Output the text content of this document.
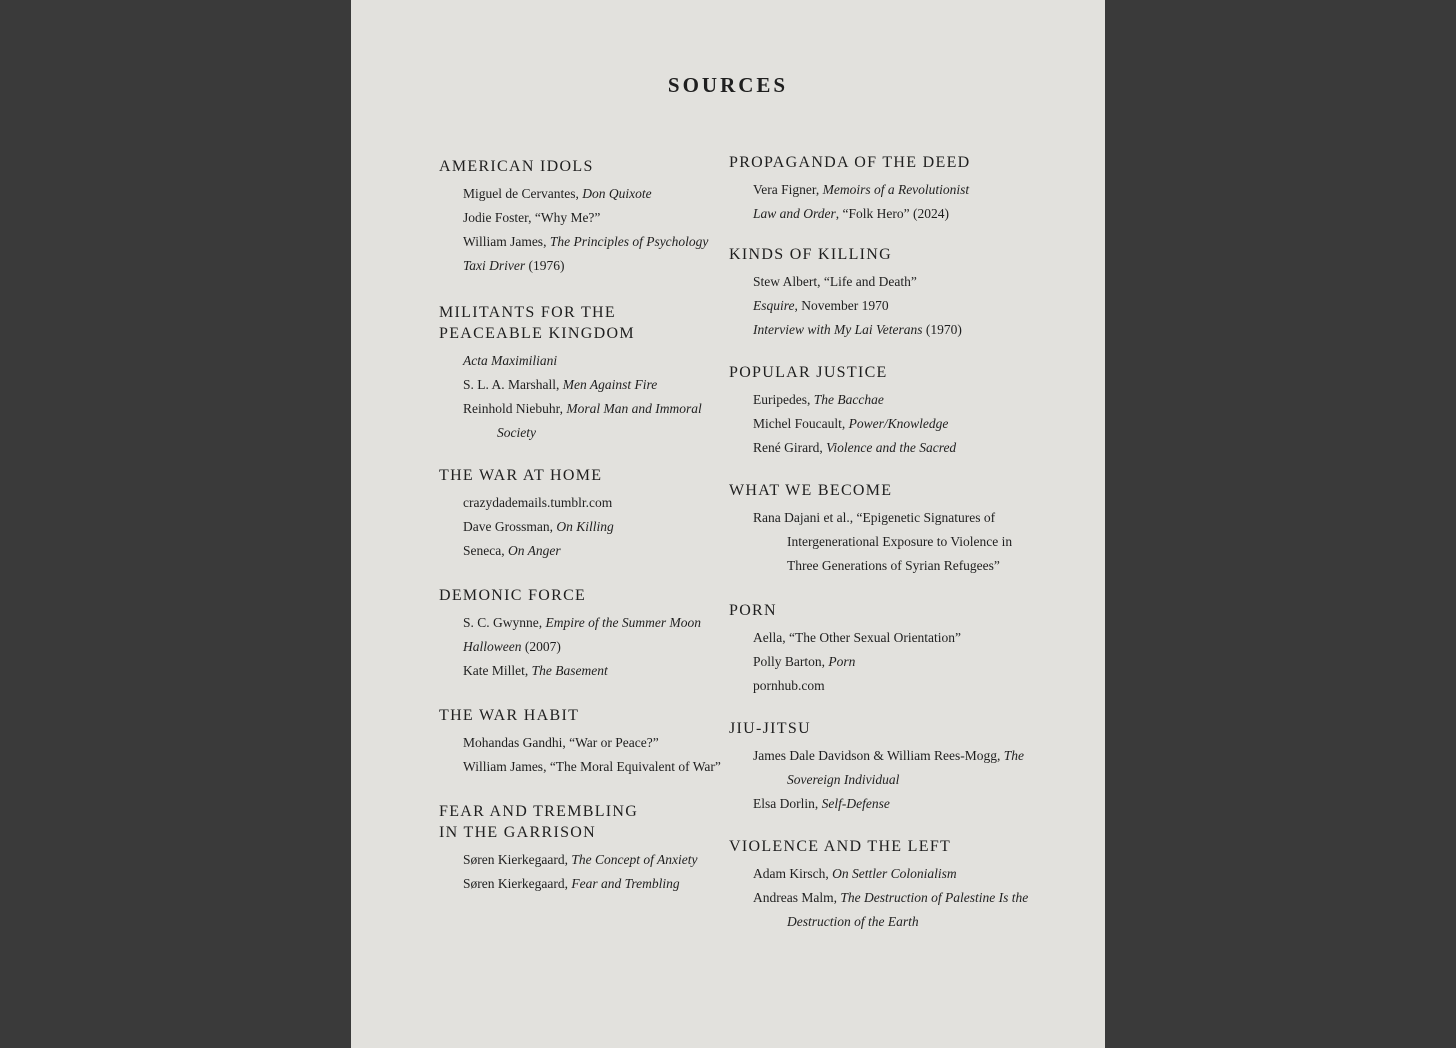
SOURCES
AMERICAN IDOLS
Miguel de Cervantes, Don Quixote
Jodie Foster, “Why Me?”
William James, The Principles of Psychology
Taxi Driver (1976)
MILITANTS FOR THE
PEACEABLE KINGDOM
Acta Maximiliani
S. L. A. Marshall, Men Against Fire
Reinhold Niebuhr, Moral Man and Immoral Society
THE WAR AT HOME
crazydademails.tumblr.com
Dave Grossman, On Killing
Seneca, On Anger
DEMONIC FORCE
S. C. Gwynne, Empire of the Summer Moon
Halloween (2007)
Kate Millet, The Basement
THE WAR HABIT
Mohandas Gandhi, “War or Peace?”
William James, “The Moral Equivalent of War”
FEAR AND TREMBLING
IN THE GARRISON
Søren Kierkegaard, The Concept of Anxiety
Søren Kierkegaard, Fear and Trembling
PROPAGANDA OF THE DEED
Vera Figner, Memoirs of a Revolutionist
Law and Order, “Folk Hero” (2024)
KINDS OF KILLING
Stew Albert, “Life and Death”
Esquire, November 1970
Interview with My Lai Veterans (1970)
POPULAR JUSTICE
Euripedes, The Bacchae
Michel Foucault, Power/Knowledge
René Girard, Violence and the Sacred
WHAT WE BECOME
Rana Dajani et al., “Epigenetic Signatures of Intergenerational Exposure to Violence in Three Generations of Syrian Refugees”
PORN
Aella, “The Other Sexual Orientation”
Polly Barton, Porn
pornhub.com
JIU-JITSU
James Dale Davidson & William Rees-Mogg, The Sovereign Individual
Elsa Dorlin, Self-Defense
VIOLENCE AND THE LEFT
Adam Kirsch, On Settler Colonialism
Andreas Malm, The Destruction of Palestine Is the Destruction of the Earth
